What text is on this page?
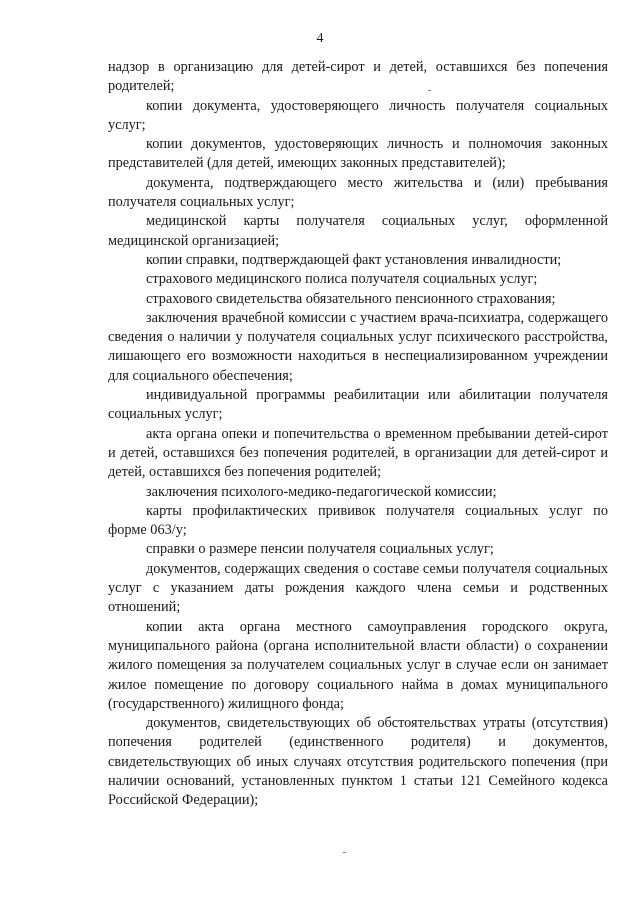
4

надзор в организацию для детей-сирот и детей, оставшихся без попечения родителей;

копии документа, удостоверяющего личность получателя социальных услуг;

копии документов, удостоверяющих личность и полномочия законных представителей (для детей, имеющих законных представителей);

документа, подтверждающего место жительства и (или) пребывания получателя социальных услуг;

медицинской карты получателя социальных услуг, оформленной медицинской организацией;

копии справки, подтверждающей факт установления инвалидности;

страхового медицинского полиса получателя социальных услуг;

страхового свидетельства обязательного пенсионного страхования;

заключения врачебной комиссии с участием врача-психиатра, содержащего сведения о наличии у получателя социальных услуг психического расстройства, лишающего его возможности находиться в неспециализированном учреждении для социального обеспечения;

индивидуальной программы реабилитации или абилитации получателя социальных услуг;

акта органа опеки и попечительства о временном пребывании детей-сирот и детей, оставшихся без попечения родителей, в организации для детей-сирот и детей, оставшихся без попечения родителей;

заключения психолого-медико-педагогической комиссии;

карты профилактических прививок получателя социальных услуг по форме 063/у;

справки о размере пенсии получателя социальных услуг;

документов, содержащих сведения о составе семьи получателя социальных услуг с указанием даты рождения каждого члена семьи и родственных отношений;

копии акта органа местного самоуправления городского округа, муниципального района (органа исполнительной власти области) о сохранении жилого помещения за получателем социальных услуг в случае если он занимает жилое помещение по договору социального найма в домах муниципального (государственного) жилищного фонда;

документов, свидетельствующих об обстоятельствах утраты (отсутствия) попечения родителей (единственного родителя) и документов, свидетельствующих об иных случаях отсутствия родительского попечения (при наличии оснований, установленных пунктом 1 статьи 121 Семейного кодекса Российской Федерации);
